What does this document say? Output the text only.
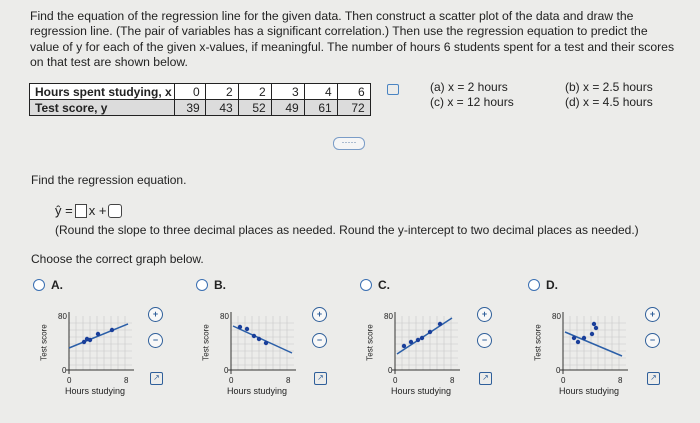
Find the equation of the regression line for the given data. Then construct a scatter plot of the data and draw the
regression line. (The pair of variables has a significant correlation.) Then use the regression equation to predict the
value of y for each of the given x-values, if meaningful. The number of hours 6 students spent for a test and their scores
on that test are shown below.
Hours spent studying, x	0	2	2	3	4	6
Test score, y	39	43	52	49	61	72
(a) x = 2 hours
(c) x = 12 hours
(b) x = 2.5 hours
(d) x = 4.5 hours
·····
Find the regression equation.
ŷ = x +
(Round the slope to three decimal places as needed. Round the y-intercept to two decimal places as needed.)
Choose the correct graph below.
A.	B.	C.	D.
Test score
80
0
0	8
Hours studying
+
−
↗
Test score
80
0
0	8
Hours studying
+
−
↗
Test score
80
0
0	8
Hours studying
+
−
↗
Test score
80
0
0	8
Hours studying
+
−
↗
